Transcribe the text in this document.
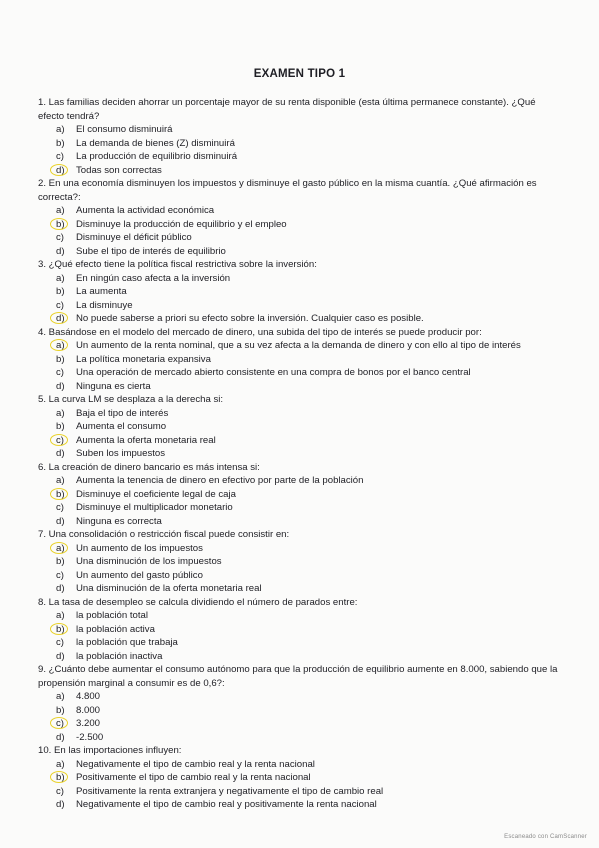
EXAMEN TIPO 1
1. Las familias deciden ahorrar un porcentaje mayor de su renta disponible (esta última permanece constante). ¿Qué efecto tendrá?
a) El consumo disminuirá
b) La demanda de bienes (Z) disminuirá
c) La producción de equilibrio disminuirá
d) Todas son correctas
2. En una economía disminuyen los impuestos y disminuye el gasto público en la misma cuantía. ¿Qué afirmación es correcta?:
a) Aumenta la actividad económica
b) Disminuye la producción de equilibrio y el empleo
c) Disminuye el déficit público
d) Sube el tipo de interés de equilibrio
3. ¿Qué efecto tiene la política fiscal restrictiva sobre la inversión:
a) En ningún caso afecta a la inversión
b) La aumenta
c) La disminuye
d) No puede saberse a priori su efecto sobre la inversión. Cualquier caso es posible.
4. Basándose en el modelo del mercado de dinero, una subida del tipo de interés se puede producir por:
a) Un aumento de la renta nominal, que a su vez afecta a la demanda de dinero y con ello al tipo de interés
b) La política monetaria expansiva
c) Una operación de mercado abierto consistente en una compra de bonos por el banco central
d) Ninguna es cierta
5. La curva LM se desplaza a la derecha si:
a) Baja el tipo de interés
b) Aumenta el consumo
c) Aumenta la oferta monetaria real
d) Suben los impuestos
6. La creación de dinero bancario es más intensa si:
a) Aumenta la tenencia de dinero en efectivo por parte de la población
b) Disminuye el coeficiente legal de caja
c) Disminuye el multiplicador monetario
d) Ninguna es correcta
7. Una consolidación o restricción fiscal puede consistir en:
a) Un aumento de los impuestos
b) Una disminución de los impuestos
c) Un aumento del gasto público
d) Una disminución de la oferta monetaria real
8. La tasa de desempleo se calcula dividiendo el número de parados entre:
a) la población total
b) la población activa
c) la población que trabaja
d) la población inactiva
9. ¿Cuánto debe aumentar el consumo autónomo para que la producción de equilibrio aumente en 8.000, sabiendo que la propensión marginal a consumir es de 0,6?:
a) 4.800
b) 8.000
c) 3.200
d) -2.500
10. En las importaciones influyen:
a) Negativamente el tipo de cambio real y la renta nacional
b) Positivamente el tipo de cambio real y la renta nacional
c) Positivamente la renta extranjera y negativamente el tipo de cambio real
d) Negativamente el tipo de cambio real y positivamente la renta nacional
Escaneado con CamScanner
